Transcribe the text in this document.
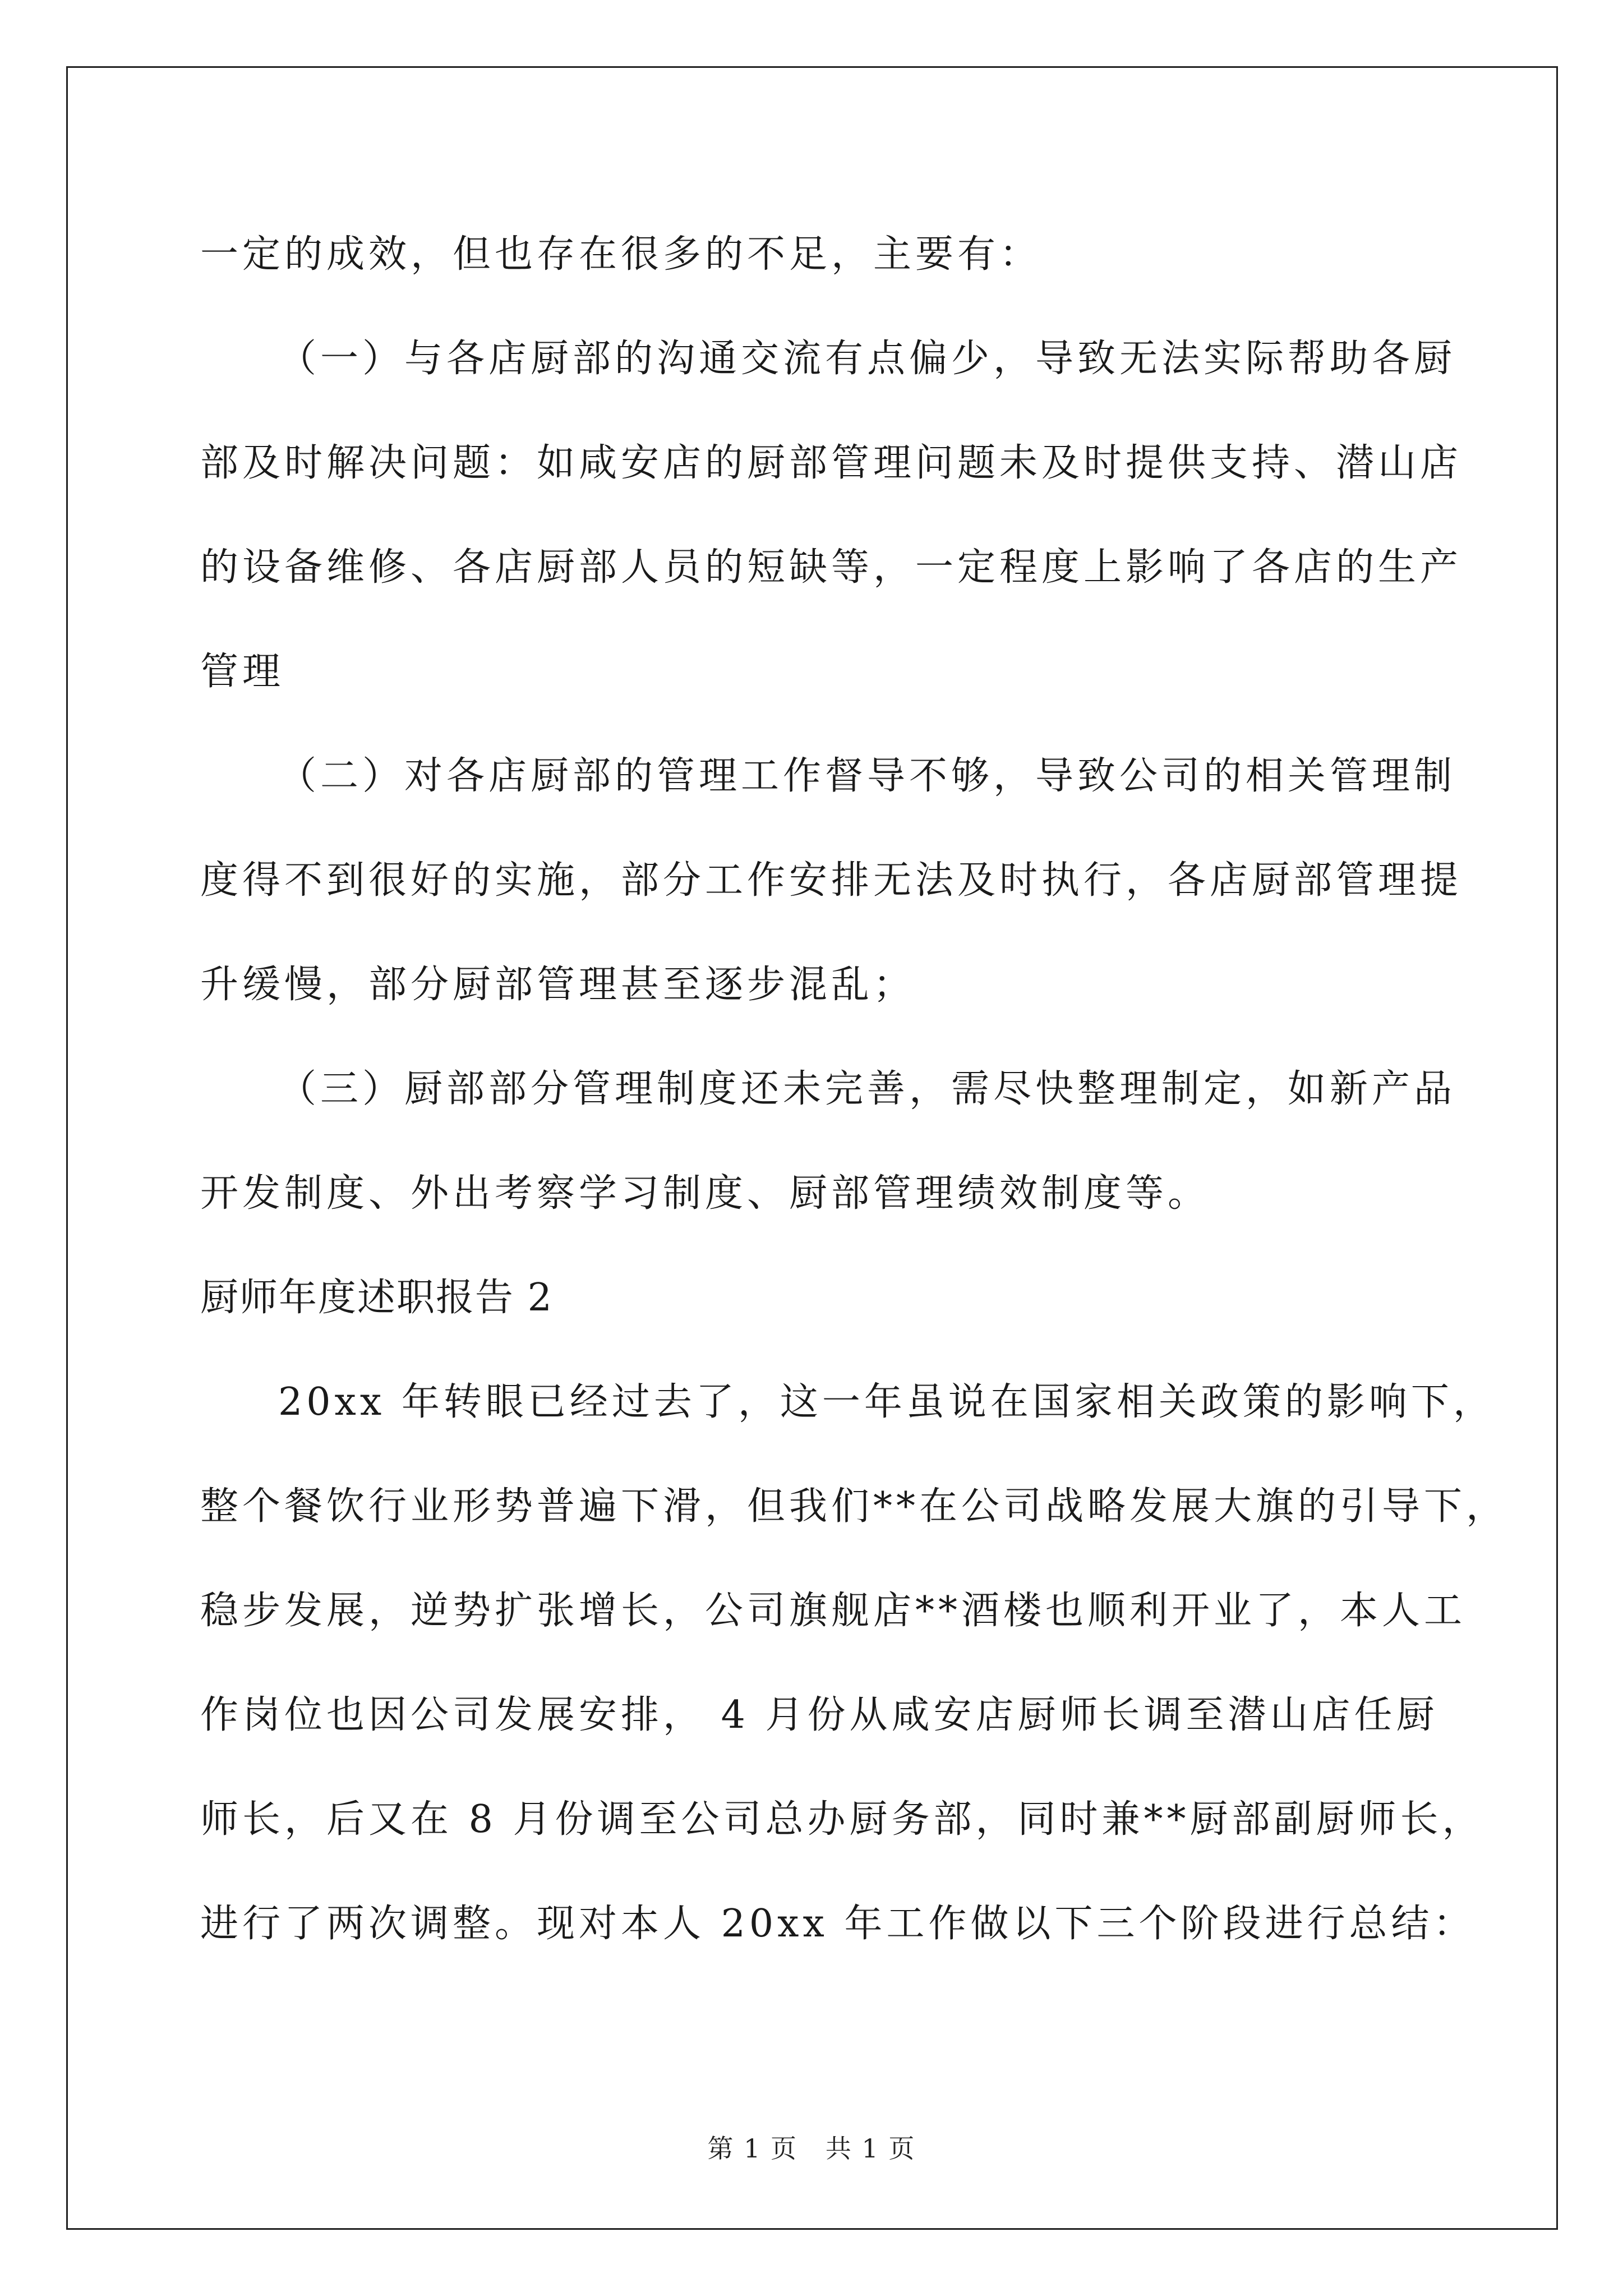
一定的成效，但也存在很多的不足，主要有：
（一）与各店厨部的沟通交流有点偏少，导致无法实际帮助各厨
部及时解决问题：如咸安店的厨部管理问题未及时提供支持、潜山店
的设备维修、各店厨部人员的短缺等，一定程度上影响了各店的生产
管理
（二）对各店厨部的管理工作督导不够，导致公司的相关管理制
度得不到很好的实施，部分工作安排无法及时执行，各店厨部管理提
升缓慢，部分厨部管理甚至逐步混乱；
（三）厨部部分管理制度还未完善，需尽快整理制定，如新产品
开发制度、外出考察学习制度、厨部管理绩效制度等。
厨师年度述职报告 2
20xx 年转眼已经过去了，这一年虽说在国家相关政策的影响下，
整个餐饮行业形势普遍下滑，但我们**在公司战略发展大旗的引导下，
稳步发展，逆势扩张增长，公司旗舰店**酒楼也顺利开业了，本人工
作岗位也因公司发展安排， 4 月份从咸安店厨师长调至潜山店任厨
师长，后又在 8 月份调至公司总办厨务部，同时兼**厨部副厨师长，
进行了两次调整。现对本人 20xx 年工作做以下三个阶段进行总结：
第 1 页   共 1 页
